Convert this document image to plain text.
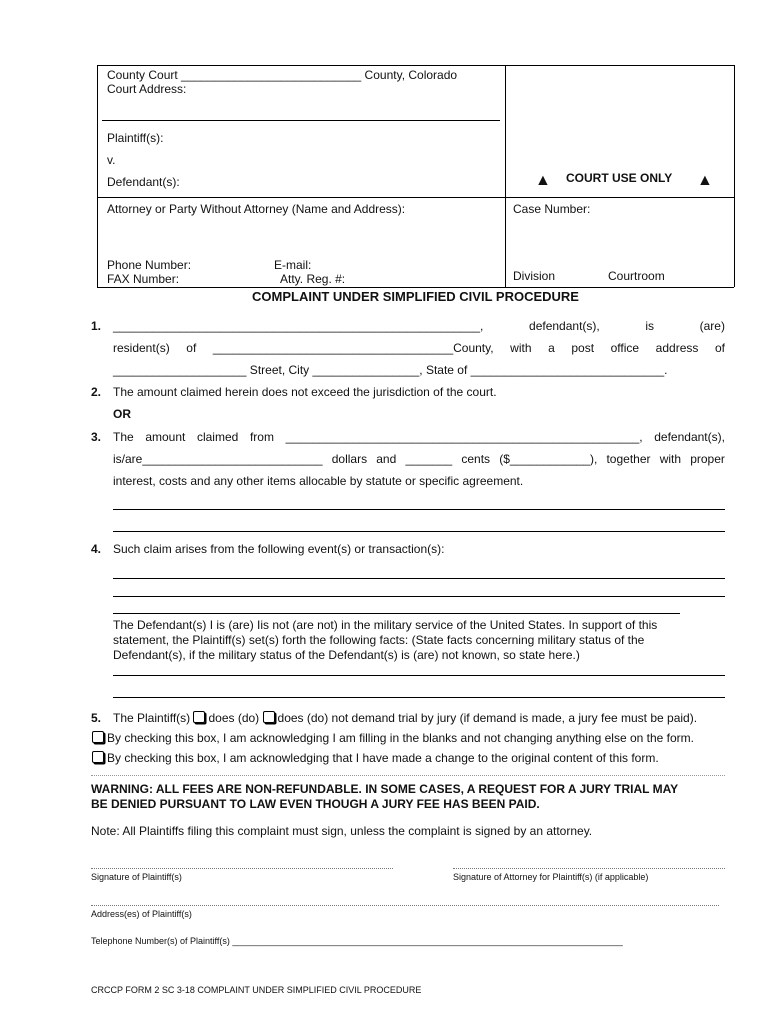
County Court ___________________________ County, Colorado
Court Address:
Plaintiff(s):
v.
Defendant(s):	▲ COURT USE ONLY ▲
Attorney or Party Without Attorney (Name and Address):	Case Number:
Phone Number:
FAX Number:
E-mail:
Atty. Reg. #:	Division	Courtroom
COMPLAINT UNDER SIMPLIFIED CIVIL PROCEDURE
1. _______________________________________________________,	defendant(s),	is	(are)
resident(s) of ____________________________________County, with a post office address of
____________________ Street, City ________________, State of _____________________________.
2. The amount claimed herein does not exceed the jurisdiction of the court.
OR
3. The amount claimed from _____________________________________________________, defendant(s),
is/are___________________________ dollars and _______ cents ($____________), together with proper
interest, costs and any other items allocable by statute or specific agreement.
4. Such claim arises from the following event(s) or transaction(s):
The Defendant(s) I is (are) Iis not (are not) in the military service of the United States. In support of this
statement, the Plaintiff(s) set(s) forth the following facts: (State facts concerning military status of the
Defendant(s), if the military status of the Defendant(s) is (are) not known, so state here.)
5. The Plaintiff(s) does (do) does (do) not demand trial by jury (if demand is made, a jury fee must be paid).
By checking this box, I am acknowledging I am filling in the blanks and not changing anything else on the form.
By checking this box, I am acknowledging that I have made a change to the original content of this form.
WARNING: ALL FEES ARE NON-REFUNDABLE. IN SOME CASES, A REQUEST FOR A JURY TRIAL MAY
BE DENIED PURSUANT TO LAW EVEN THOUGH A JURY FEE HAS BEEN PAID.
Note: All Plaintiffs filing this complaint must sign, unless the complaint is signed by an attorney.
Signature of Plaintiff(s)	Signature of Attorney for Plaintiff(s) (if applicable)
Address(es) of Plaintiff(s)
Telephone Number(s) of Plaintiff(s) ______________________________________________________________________________
CRCCP FORM 2 SC 3-18 COMPLAINT UNDER SIMPLIFIED CIVIL PROCEDURE
